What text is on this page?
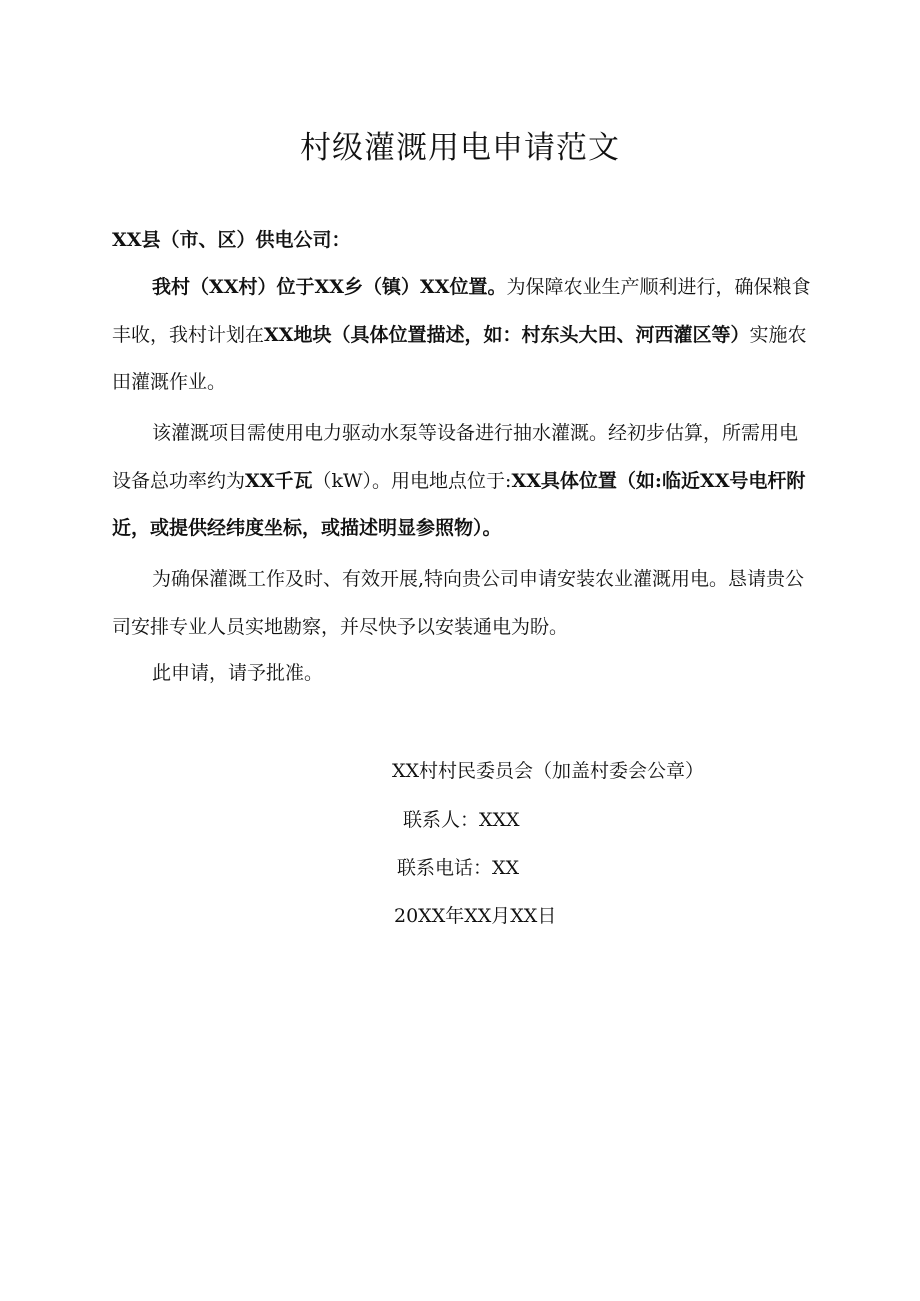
村级灌溉用电申请范文
XX县（市、区）供电公司：

我村（XX村）位于XX乡（镇）XX位置。为保障农业生产顺利进行，确保粮食丰收，我村计划在XX地块（具体位置描述，如：村东头大田、河西灌区等）实施农田灌溉作业。

该灌溉项目需使用电力驱动水泵等设备进行抽水灌溉。经初步估算，所需用电设备总功率约为XX千瓦（kW）。用电地点位于:XX具体位置（如:临近XX号电杆附近，或提供经纬度坐标，或描述明显参照物）。

为确保灌溉工作及时、有效开展,特向贵公司申请安装农业灌溉用电。恳请贵公司安排专业人员实地勘察，并尽快予以安装通电为盼。

此申请，请予批准。

XX村村民委员会（加盖村委会公章）
联系人：XXX
联系电话：XX
20XX年XX月XX日
